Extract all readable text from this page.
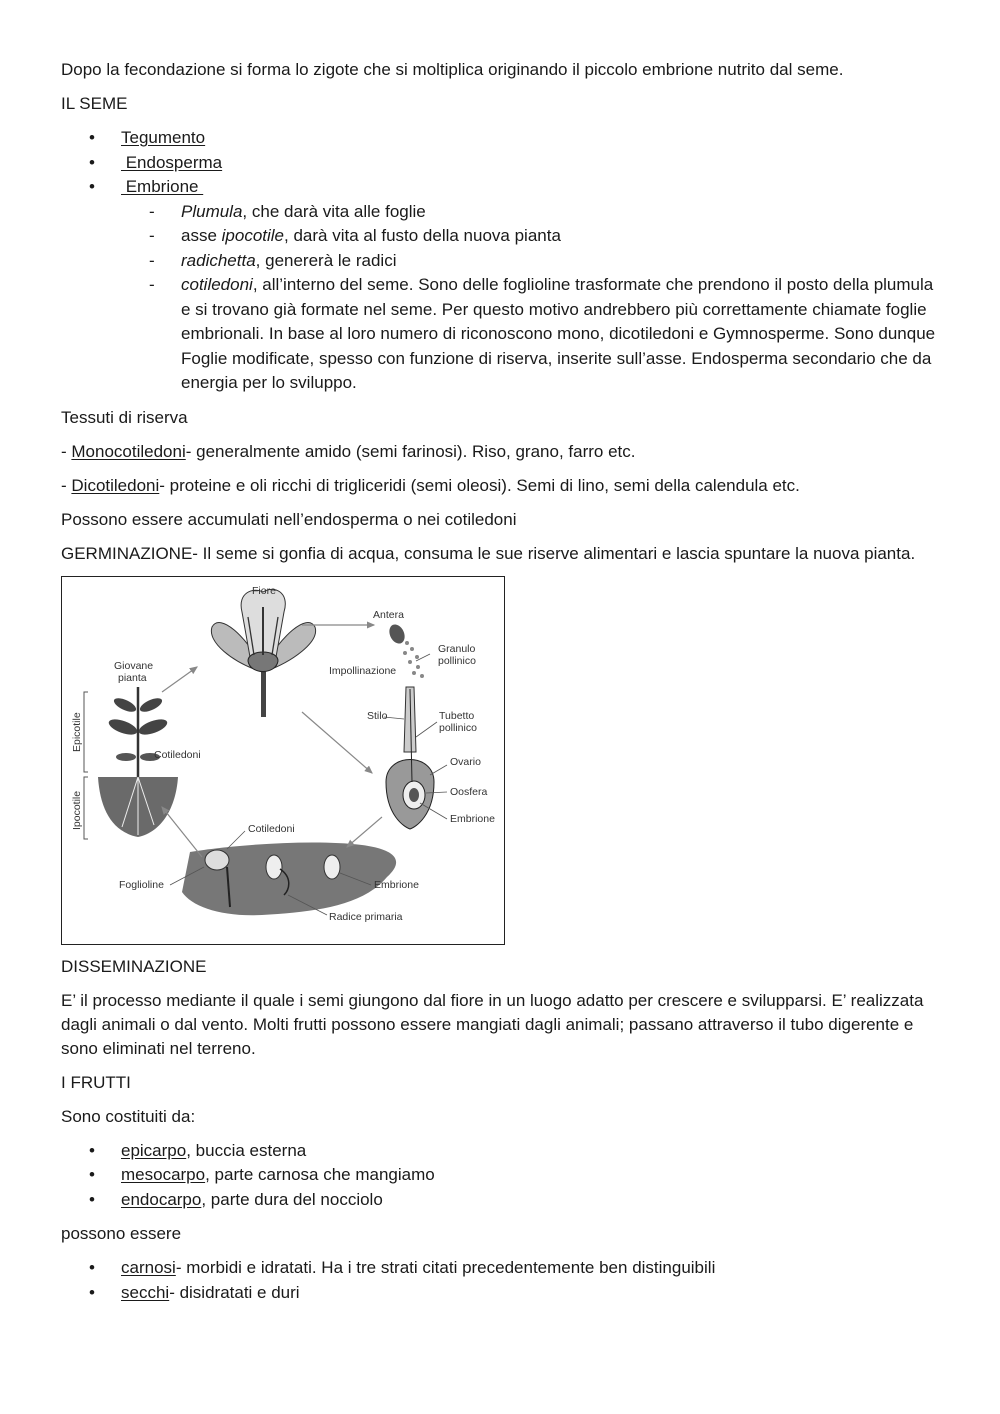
Dopo la fecondazione si forma lo zigote che si moltiplica originando il piccolo embrione nutrito dal seme.

IL SEME

• Tegumento
•  Endosperma
•  Embrione
- Plumula, che darà vita alle foglie
- asse ipocotile, darà vita al fusto della nuova pianta
- radichetta, genererà le radici
- cotiledoni, all’interno del seme. Sono delle foglioline trasformate che prendono il posto della plumula e si trovano già formate nel seme. Per questo motivo andrebbero più correttamente chiamate foglie embrionali. In base al loro numero di riconoscono mono, dicotiledoni e Gymnosperme. Sono dunque Foglie modificate, spesso con funzione di riserva, inserite sull’asse. Endosperma secondario che da energia per lo sviluppo.

Tessuti di riserva

- Monocotiledoni- generalmente amido (semi farinosi). Riso, grano, farro etc.

- Dicotiledoni- proteine e oli ricchi di trigliceridi (semi oleosi). Semi di lino, semi della calendula etc.

Possono essere accumulati nell’endosperma o nei cotiledoni

GERMINAZIONE- Il seme si gonfia di acqua, consuma le sue riserve alimentari e lascia spuntare la nuova pianta.

Fiore
Antera
Granulo
pollinico
Impollinazione
Stilo	Tubetto
pollinico
Ovario
Oosfera
Embrione
Giovane
pianta
Epicotile
Ipocotile
Cotiledoni
Cotiledoni
Foglioline	Embrione
Radice primaria

DISSEMINAZIONE

E’ il processo mediante il quale i semi giungono dal fiore in un luogo adatto per crescere e svilupparsi. E’ realizzata dagli animali o dal vento. Molti frutti possono essere mangiati dagli animali; passano attraverso il tubo digerente e sono eliminati nel terreno.

I FRUTTI

Sono costituiti da:

• epicarpo, buccia esterna
• mesocarpo, parte carnosa che mangiamo
• endocarpo, parte dura del nocciolo

possono essere

• carnosi- morbidi e idratati. Ha i tre strati citati precedentemente ben distinguibili
• secchi- disidratati e duri
